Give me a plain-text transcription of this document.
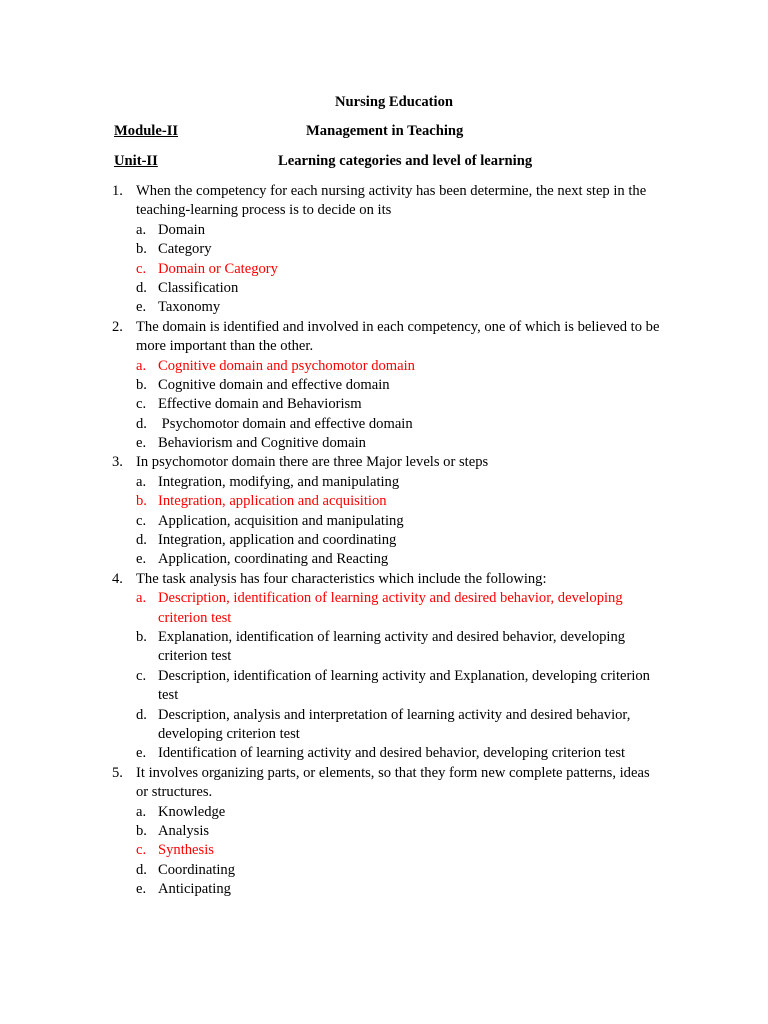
Nursing Education
Module-II	Management in Teaching
Unit-II	Learning categories and level of learning
1. When the competency for each nursing activity has been determine, the next step in the
teaching-learning process is to decide on its
a. Domain
b. Category
c. Domain or Category
d. Classification
e. Taxonomy
2. The domain is identified and involved in each competency, one of which is believed to be
more important than the other.
a. Cognitive domain and psychomotor domain
b. Cognitive domain and effective domain
c. Effective domain and Behaviorism
d. Psychomotor domain and effective domain
e. Behaviorism and Cognitive domain
3. In psychomotor domain there are three Major levels or steps
a. Integration, modifying, and manipulating
b. Integration, application and acquisition
c. Application, acquisition and manipulating
d. Integration, application and coordinating
e. Application, coordinating and Reacting
4. The task analysis has four characteristics which include the following:
a. Description, identification of learning activity and desired behavior, developing
criterion test
b. Explanation, identification of learning activity and desired behavior, developing
criterion test
c. Description, identification of learning activity and Explanation, developing criterion
test
d. Description, analysis and interpretation of learning activity and desired behavior,
developing criterion test
e. Identification of learning activity and desired behavior, developing criterion test
5. It involves organizing parts, or elements, so that they form new complete patterns, ideas
or structures.
a. Knowledge
b. Analysis
c. Synthesis
d. Coordinating
e. Anticipating
